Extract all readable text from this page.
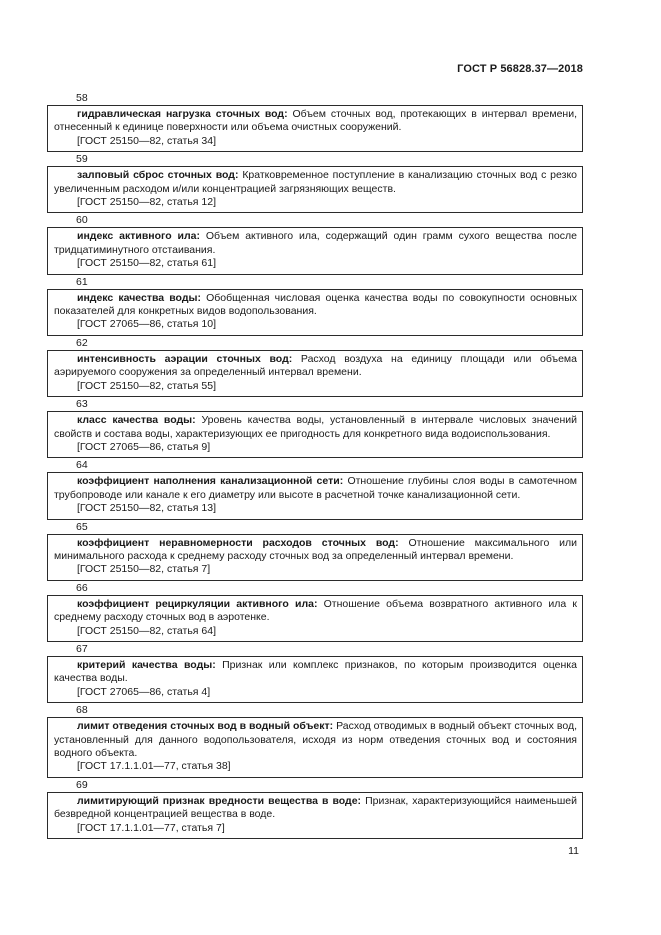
ГОСТ Р 56828.37—2018
58

гидравлическая нагрузка сточных вод: Объем сточных вод, протекающих в интервал времени, отнесенный к единице поверхности или объема очистных сооружений.

[ГОСТ 25150—82, статья 34]
59

залповый сброс сточных вод: Кратковременное поступление в канализацию сточных вод с резко увеличенным расходом и/или концентрацией загрязняющих веществ.

[ГОСТ 25150—82, статья 12]
60

индекс активного ила: Объем активного ила, содержащий один грамм сухого вещества после тридцатиминутного отстаивания.

[ГОСТ 25150—82, статья 61]
61

индекс качества воды: Обобщенная числовая оценка качества воды по совокупности основных показателей для конкретных видов водопользования.

[ГОСТ 27065—86, статья 10]
62

интенсивность аэрации сточных вод: Расход воздуха на единицу площади или объема аэрируемого сооружения за определенный интервал времени.

[ГОСТ 25150—82, статья 55]
63

класс качества воды: Уровень качества воды, установленный в интервале числовых значений свойств и состава воды, характеризующих ее пригодность для конкретного вида водоиспользования.

[ГОСТ 27065—86, статья 9]
64

коэффициент наполнения канализационной сети: Отношение глубины слоя воды в самотечном трубопроводе или канале к его диаметру или высоте в расчетной точке канализационной сети.

[ГОСТ 25150—82, статья 13]
65

коэффициент неравномерности расходов сточных вод: Отношение максимального или минимального расхода к среднему расходу сточных вод за определенный интервал времени.

[ГОСТ 25150—82, статья 7]
66

коэффициент рециркуляции активного ила: Отношение объема возвратного активного ила к среднему расходу сточных вод в аэротенке.

[ГОСТ 25150—82, статья 64]
67

критерий качества воды: Признак или комплекс признаков, по которым производится оценка качества воды.

[ГОСТ 27065—86, статья 4]
68

лимит отведения сточных вод в водный объект: Расход отводимых в водный объект сточных вод, установленный для данного водопользователя, исходя из норм отведения сточных вод и состояния водного объекта.

[ГОСТ 17.1.1.01—77, статья 38]
69

лимитирующий признак вредности вещества в воде: Признак, характеризующийся наименьшей безвредной концентрацией вещества в воде.

[ГОСТ 17.1.1.01—77, статья 7]
11
